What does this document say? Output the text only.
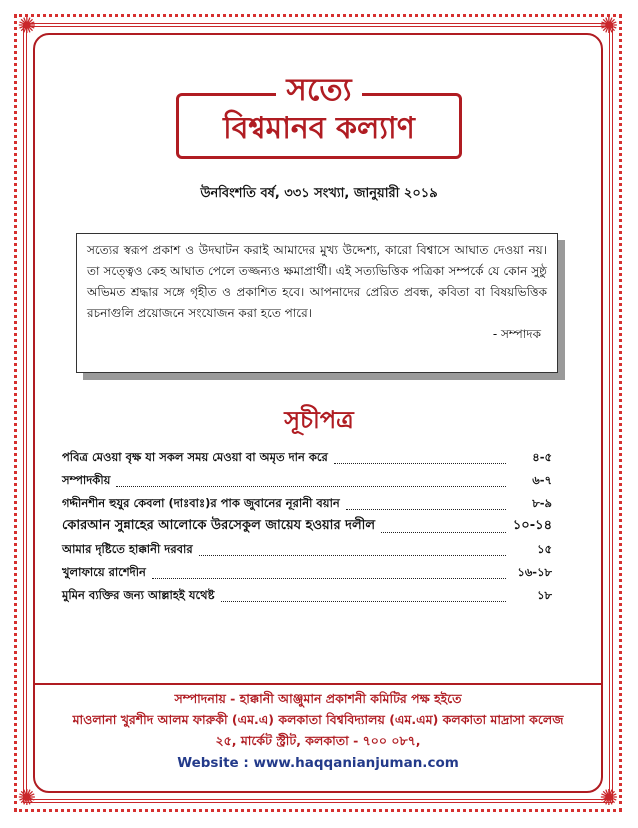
✺	✺
✺	✺
সত্যে
বিশ্বমানব কল্যাণ
উনবিংশতি বর্ষ, ৩৩১ সংখ্যা, জানুয়ারী ২০১৯
সত্যের স্বরূপ প্রকাশ ও উদঘাটন করাই আমাদের মুখ্য উদ্দেশ্য, কারো বিশ্বাসে আঘাত দেওয়া নয়। তা সত্ত্বেও কেহ আঘাত পেলে তজ্জন্যও ক্ষমাপ্রার্থী। এই সত্যভিত্তিক পত্রিকা সম্পর্কে যে কোন সুষ্ঠু অভিমত শ্রদ্ধার সঙ্গে গৃহীত ও প্রকাশিত হবে। আপনাদের প্রেরিত প্রবন্ধ, কবিতা বা বিষয়ভিত্তিক রচনাগুলি প্রয়োজনে সংযোজন করা হতে পারে।
- সম্পাদক
সূচীপত্র
পবিত্র মেওয়া বৃক্ষ যা সকল সময় মেওয়া বা অমৃত দান করে	৪-৫
সম্পাদকীয়	৬-৭
গদ্দীনশীন হুযুর কেবলা (দাঃবাঃ)র পাক জুবানের নূরানী বয়ান	৮-৯
কোরআন সুন্নাহের আলোকে উরসেকুল জায়েয হওয়ার দলীল	১০-১৪
আমার দৃষ্টিতে হাক্কানী দরবার	১৫
খুলাফায়ে রাশেদীন	১৬-১৮
মুমিন ব্যক্তির জন্য আল্লাহই যথেষ্ট	১৮
সম্পাদনায় - হাক্কানী আঞ্জুমান প্রকাশনী কমিটির পক্ষ হইতে
মাওলানা খুরশীদ আলম ফারুকী (এম.এ) কলকাতা বিশ্ববিদ্যালয় (এম.এম) কলকাতা মাদ্রাসা কলেজ
২৫, মার্কেট স্ট্রীট, কলকাতা - ৭০০ ০৮৭,
Website : www.haqqanianjuman.com
